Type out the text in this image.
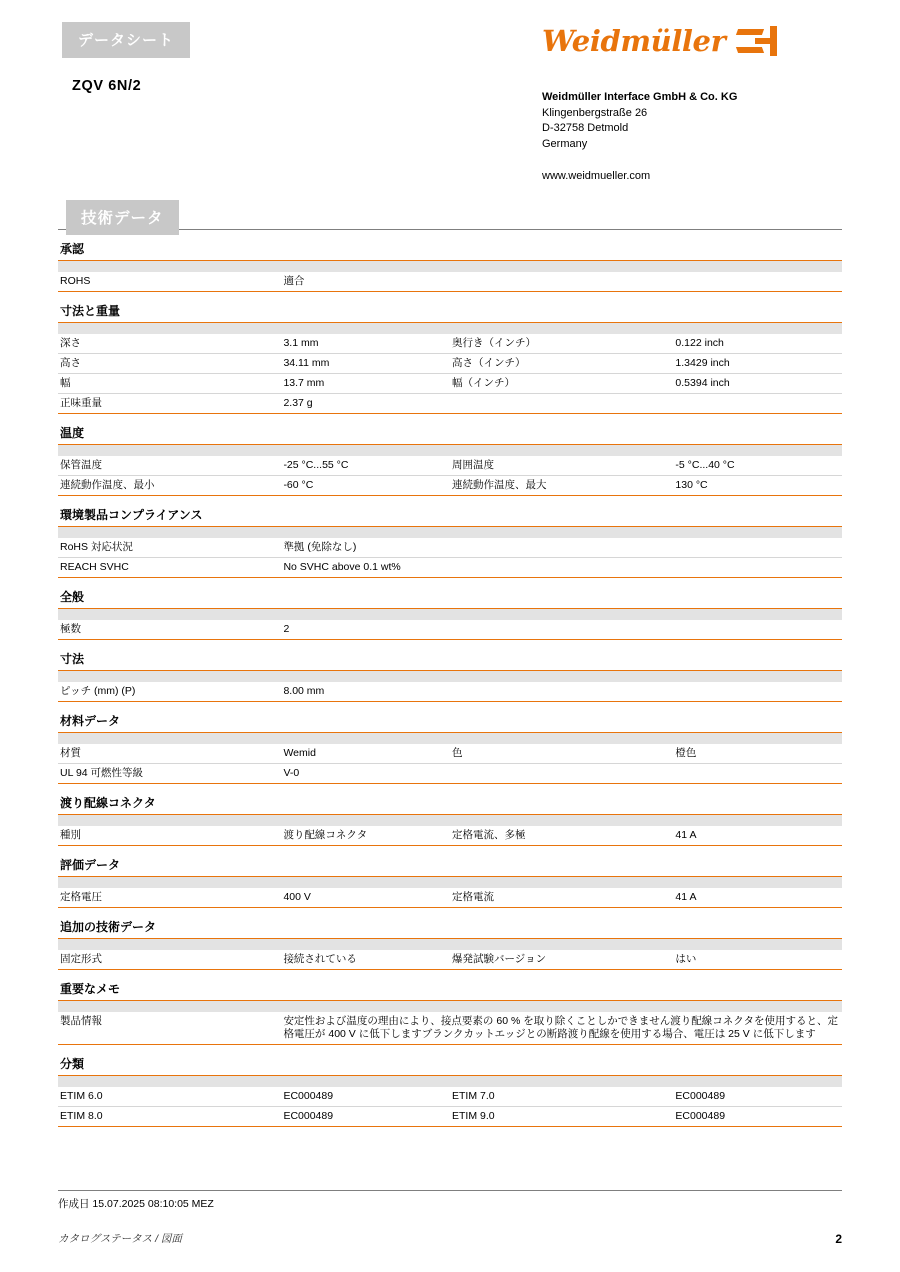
データシート
ZQV 6N/2
Weidmüller
Weidmüller Interface GmbH & Co. KG
Klingenbergstraße 26
D-32758 Detmold
Germany
www.weidmueller.com
技術データ
承認
ROHS	適合		
寸法と重量
深さ	3.1 mm	奥行き（インチ）	0.122 inch
高さ	34.11 mm	高さ（インチ）	1.3429 inch
幅	13.7 mm	幅（インチ）	0.5394 inch
正味重量	2.37 g		
温度
保管温度	-25 °C...55 °C	周囲温度	-5 °C...40 °C
連続動作温度、最小	-60 °C	連続動作温度、最大	130 °C
環境製品コンプライアンス
RoHS 対応状況	準拠 (免除なし)		
REACH SVHC	No SVHC above 0.1 wt%		
全般
極数	2		
寸法
ピッチ (mm) (P)	8.00 mm		
材料データ
材質	Wemid	色	橙色
UL 94 可燃性等級	V-0		
渡り配線コネクタ
種別	渡り配線コネクタ	定格電流、多極	41 A
評価データ
定格電圧	400 V	定格電流	41 A
追加の技術データ
固定形式	接続されている	爆発試験バージョン	はい
重要なメモ
製品情報	安定性および温度の理由により、接点要素の 60 % を取り除くことしかできません渡り配線コネクタを使用すると、定格電圧が 400 V に低下しますブランクカットエッジとの断路渡り配線を使用する場合、電圧は 25 V に低下します
分類
ETIM 6.0	EC000489	ETIM 7.0	EC000489
ETIM 8.0	EC000489	ETIM 9.0	EC000489
作成日 15.07.2025 08:10:05 MEZ
カタログステータス / 図面	2
